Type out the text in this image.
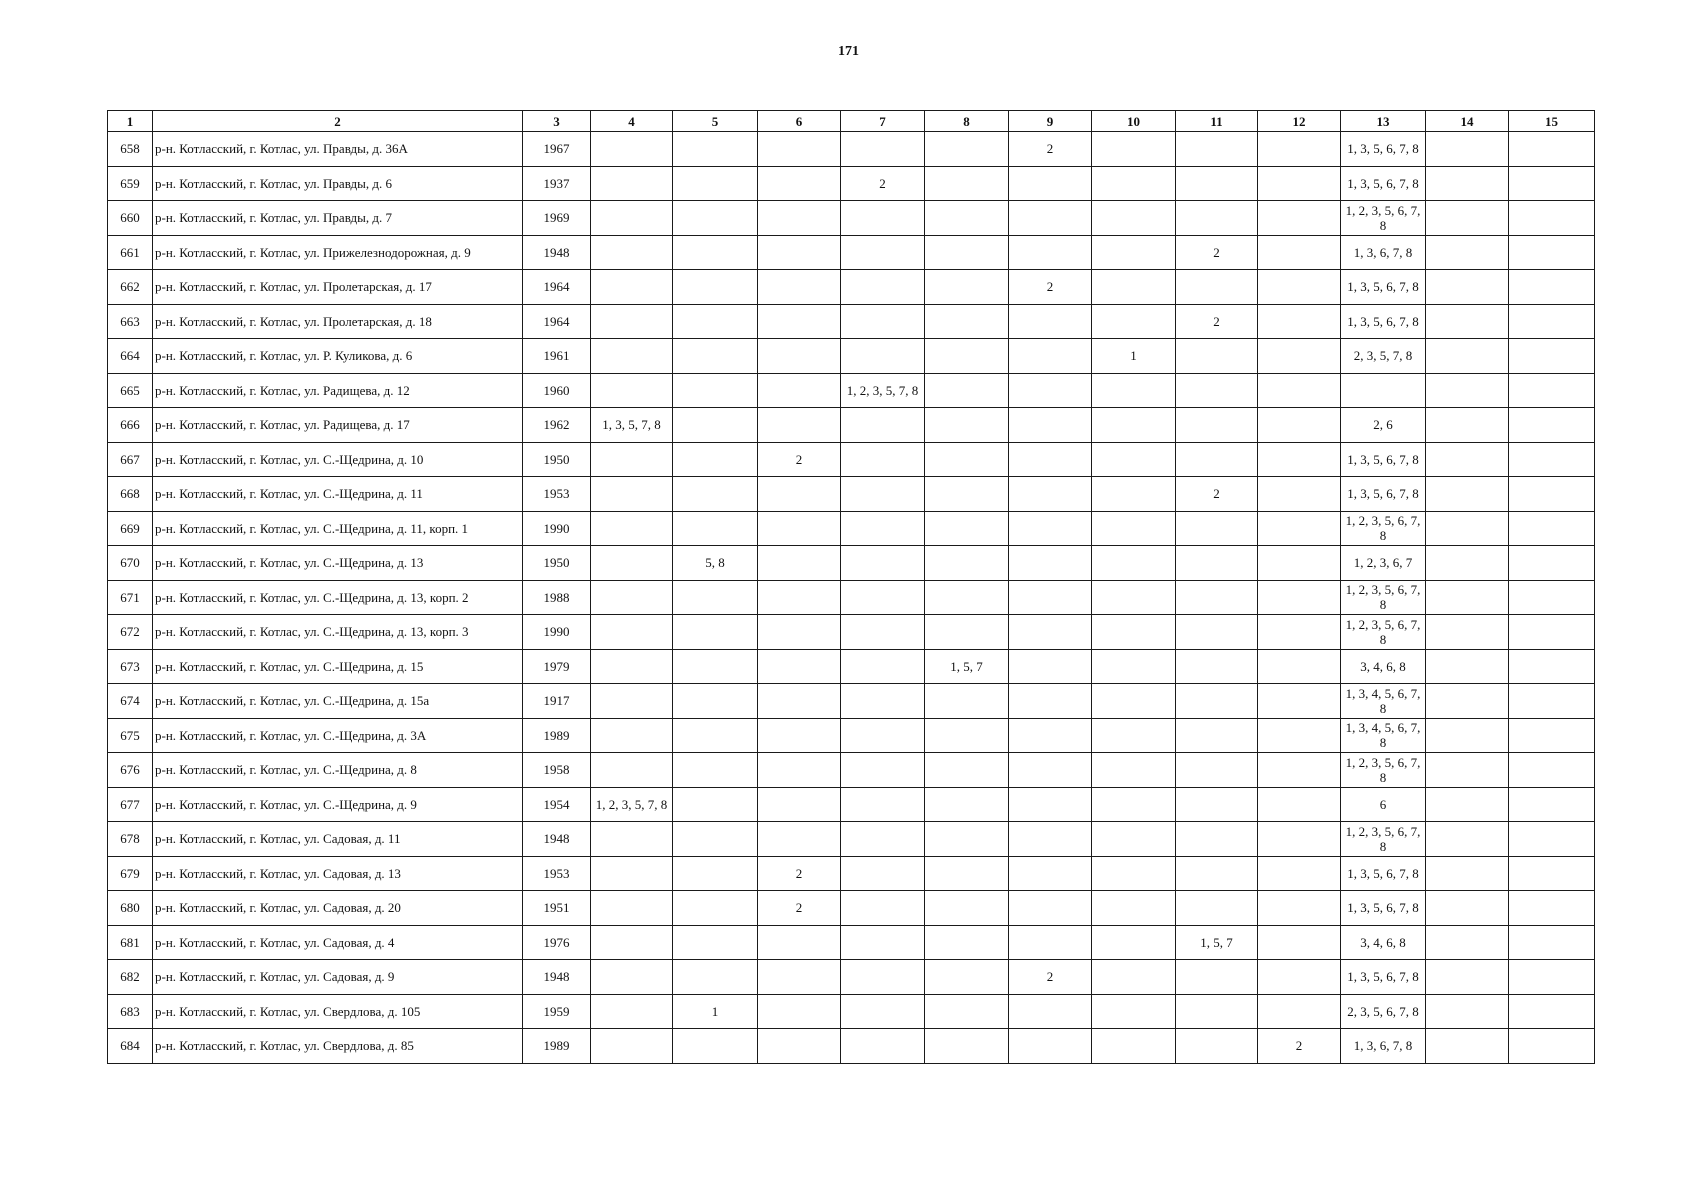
171
1	2	3	4	5	6	7	8	9	10	11	12	13	14	15
658	р-н. Котласский, г. Котлас, ул. Правды, д. 36А	1967						2				1, 3, 5, 6, 7, 8		
659	р-н. Котласский, г. Котлас, ул. Правды, д. 6	1937				2						1, 3, 5, 6, 7, 8		
660	р-н. Котласский, г. Котлас, ул. Правды, д. 7	1969										1, 2, 3, 5, 6, 7, 8		
661	р-н. Котласский, г. Котлас, ул. Прижелезнодорожная, д. 9	1948								2		1, 3, 6, 7, 8		
662	р-н. Котласский, г. Котлас, ул. Пролетарская, д. 17	1964						2				1, 3, 5, 6, 7, 8		
663	р-н. Котласский, г. Котлас, ул. Пролетарская, д. 18	1964								2		1, 3, 5, 6, 7, 8		
664	р-н. Котласский, г. Котлас, ул. Р. Куликова, д. 6	1961							1			2, 3, 5, 7, 8		
665	р-н. Котласский, г. Котлас, ул. Радищева, д. 12	1960				1, 2, 3, 5, 7, 8								
666	р-н. Котласский, г. Котлас, ул. Радищева, д. 17	1962	1, 3, 5, 7, 8									2, 6		
667	р-н. Котласский, г. Котлас, ул. С.-Щедрина, д. 10	1950			2							1, 3, 5, 6, 7, 8		
668	р-н. Котласский, г. Котлас, ул. С.-Щедрина, д. 11	1953								2		1, 3, 5, 6, 7, 8		
669	р-н. Котласский, г. Котлас, ул. С.-Щедрина, д. 11, корп. 1	1990										1, 2, 3, 5, 6, 7, 8		
670	р-н. Котласский, г. Котлас, ул. С.-Щедрина, д. 13	1950		5, 8								1, 2, 3, 6, 7		
671	р-н. Котласский, г. Котлас, ул. С.-Щедрина, д. 13, корп. 2	1988										1, 2, 3, 5, 6, 7, 8		
672	р-н. Котласский, г. Котлас, ул. С.-Щедрина, д. 13, корп. 3	1990										1, 2, 3, 5, 6, 7, 8		
673	р-н. Котласский, г. Котлас, ул. С.-Щедрина, д. 15	1979					1, 5, 7					3, 4, 6, 8		
674	р-н. Котласский, г. Котлас, ул. С.-Щедрина, д. 15а	1917										1, 3, 4, 5, 6, 7, 8		
675	р-н. Котласский, г. Котлас, ул. С.-Щедрина, д. 3А	1989										1, 3, 4, 5, 6, 7, 8		
676	р-н. Котласский, г. Котлас, ул. С.-Щедрина, д. 8	1958										1, 2, 3, 5, 6, 7, 8		
677	р-н. Котласский, г. Котлас, ул. С.-Щедрина, д. 9	1954	1, 2, 3, 5, 7, 8									6		
678	р-н. Котласский, г. Котлас, ул. Садовая, д. 11	1948										1, 2, 3, 5, 6, 7, 8		
679	р-н. Котласский, г. Котлас, ул. Садовая, д. 13	1953			2							1, 3, 5, 6, 7, 8		
680	р-н. Котласский, г. Котлас, ул. Садовая, д. 20	1951			2							1, 3, 5, 6, 7, 8		
681	р-н. Котласский, г. Котлас, ул. Садовая, д. 4	1976								1, 5, 7		3, 4, 6, 8		
682	р-н. Котласский, г. Котлас, ул. Садовая, д. 9	1948						2				1, 3, 5, 6, 7, 8		
683	р-н. Котласский, г. Котлас, ул. Свердлова, д. 105	1959		1								2, 3, 5, 6, 7, 8		
684	р-н. Котласский, г. Котлас, ул. Свердлова, д. 85	1989									2	1, 3, 6, 7, 8		
